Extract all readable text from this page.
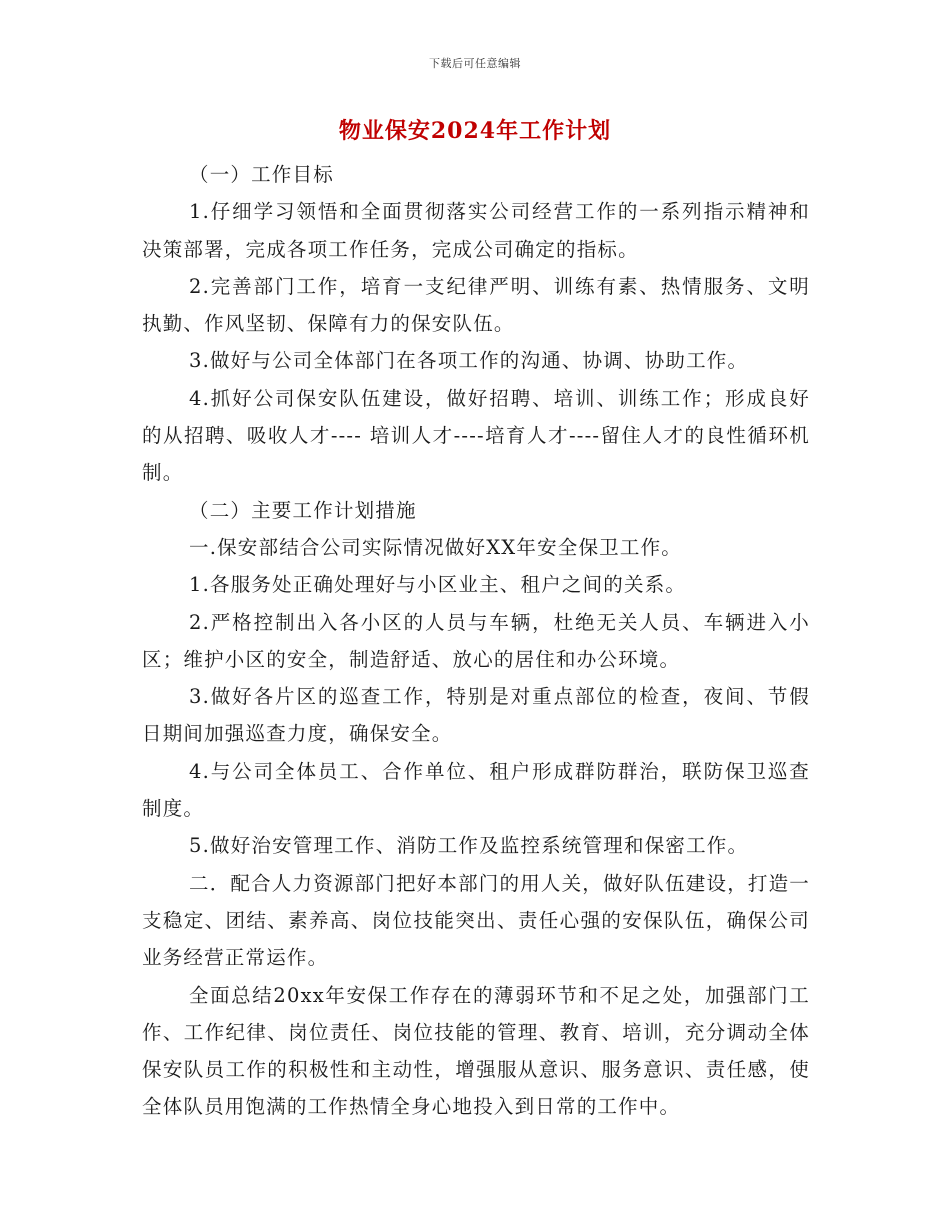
下载后可任意编辑
物业保安2024年工作计划

（一）工作目标

1.仔细学习领悟和全面贯彻落实公司经营工作的一系列指示精神和决策部署，完成各项工作任务，完成公司确定的指标。

2.完善部门工作，培育一支纪律严明、训练有素、热情服务、文明执勤、作风坚韧、保障有力的保安队伍。

3.做好与公司全体部门在各项工作的沟通、协调、协助工作。

4.抓好公司保安队伍建设，做好招聘、培训、训练工作；形成良好的从招聘、吸收人才---- 培训人才----培育人才----留住人才的良性循环机制。

（二）主要工作计划措施

一.保安部结合公司实际情况做好XX年安全保卫工作。

1.各服务处正确处理好与小区业主、租户之间的关系。

2.严格控制出入各小区的人员与车辆，杜绝无关人员、车辆进入小区；维护小区的安全，制造舒适、放心的居住和办公环境。

3.做好各片区的巡查工作，特别是对重点部位的检查，夜间、节假日期间加强巡查力度，确保安全。

4.与公司全体员工、合作单位、租户形成群防群治，联防保卫巡查制度。

5.做好治安管理工作、消防工作及监控系统管理和保密工作。

二．配合人力资源部门把好本部门的用人关，做好队伍建设，打造一支稳定、团结、素养高、岗位技能突出、责任心强的安保队伍，确保公司业务经营正常运作。

全面总结20xx年安保工作存在的薄弱环节和不足之处，加强部门工作、工作纪律、岗位责任、岗位技能的管理、教育、培训，充分调动全体保安队员工作的积极性和主动性，增强服从意识、服务意识、责任感，使全体队员用饱满的工作热情全身心地投入到日常的工作中。
